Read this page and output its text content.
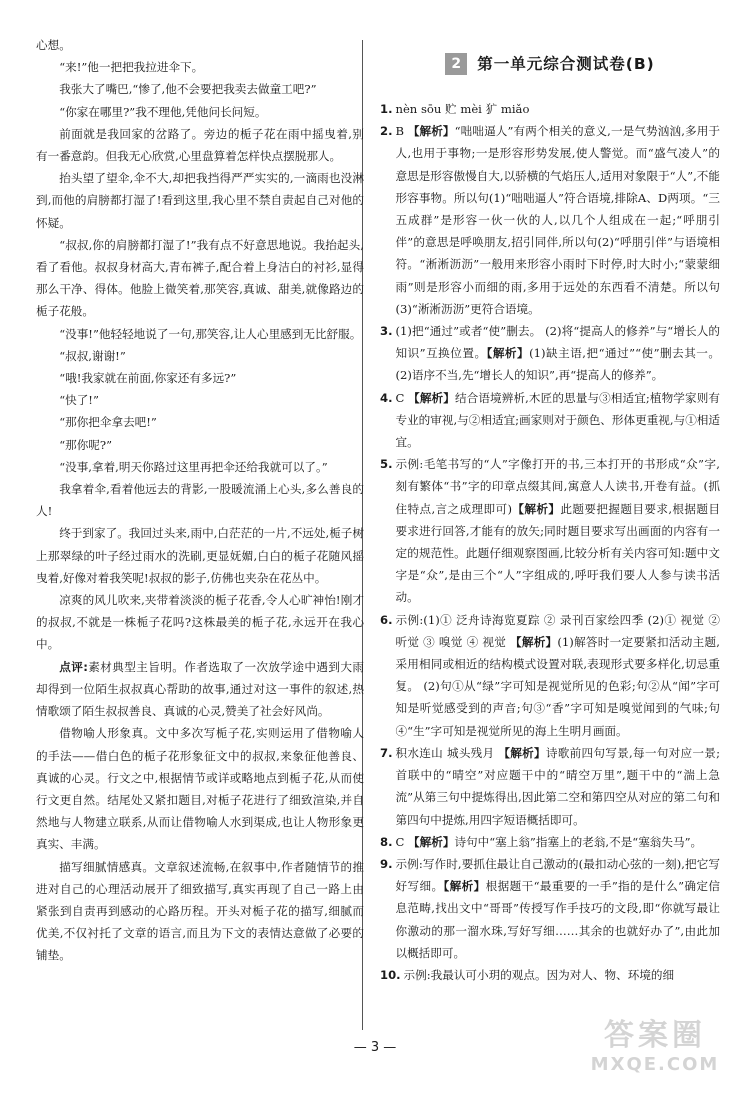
心想。

“来!”他一把把我拉进伞下。

我张大了嘴巴,“惨了,他不会要把我卖去做童工吧?”

“你家在哪里?”我不理他,凭他问长问短。

前面就是我回家的岔路了。旁边的栀子花在雨中摇曳着,别有一番意韵。但我无心欣赏,心里盘算着怎样快点摆脱那人。

抬头望了望伞,伞不大,却把我挡得严严实实的,一滴雨也没淋到,而他的肩膀都打湿了!看到这里,我心里不禁自责起自己对他的怀疑。

“叔叔,你的肩膀都打湿了!”我有点不好意思地说。我抬起头,看了看他。叔叔身材高大,青布裤子,配合着上身洁白的衬衫,显得那么干净、得体。他脸上微笑着,那笑容,真诚、甜美,就像路边的栀子花般。

“没事!”他轻轻地说了一句,那笑容,让人心里感到无比舒服。

“叔叔,谢谢!”

“哦!我家就在前面,你家还有多远?”

“快了!”

“那你把伞拿去吧!”

“那你呢?”

“没事,拿着,明天你路过这里再把伞还给我就可以了。”

我拿着伞,看着他远去的背影,一股暖流涌上心头,多么善良的人!

终于到家了。我回过头来,雨中,白茫茫的一片,不远处,栀子树上那翠绿的叶子经过雨水的洗刷,更显妩媚,白白的栀子花随风摇曳着,好像对着我笑呢!叔叔的影子,仿佛也夹杂在花丛中。

凉爽的风儿吹来,夹带着淡淡的栀子花香,令人心旷神怡!刚才的叔叔,不就是一株栀子花吗?这株最美的栀子花,永远开在我心中。

点评:素材典型主旨明。作者选取了一次放学途中遇到大雨却得到一位陌生叔叔真心帮助的故事,通过对这一事件的叙述,热情歌颂了陌生叔叔善良、真诚的心灵,赞美了社会好风尚。

借物喻人形象真。文中多次写栀子花,实则运用了借物喻人的手法——借白色的栀子花形象征文中的叔叔,来象征他善良、真诚的心灵。行文之中,根据情节或详或略地点到栀子花,从而使行文更自然。结尾处又紧扣题目,对栀子花进行了细致渲染,并自然地与人物建立联系,从而让借物喻人水到渠成,也让人物形象更真实、丰满。

描写细腻情感真。文章叙述流畅,在叙事中,作者随情节的推进对自己的心理活动展开了细致描写,真实再现了自己一路上由紧张到自责再到感动的心路历程。开头对栀子花的描写,细腻而优美,不仅衬托了文章的语言,而且为下文的表情达意做了必要的铺垫。

2	第一单元综合测试卷(B)
1. nèn sōu 贮 mèi 犷 miǎo
2. B 【解析】“咄咄逼人”有两个相关的意义,一是气势汹汹,多用于人,也用于事物;一是形容形势发展,使人警觉。而“盛气凌人”的意思是形容傲慢自大,以骄横的气焰压人,适用对象限于“人”,不能形容事物。所以句(1)“咄咄逼人”符合语境,排除A、D两项。“三五成群”是形容一伙一伙的人,以几个人组成在一起;“呼朋引伴”的意思是呼唤朋友,招引同伴,所以句(2)“呼朋引伴”与语境相符。“淅淅沥沥”一般用来形容小雨时下时停,时大时小;“蒙蒙细雨”则是形容小而细的雨,多用于远处的东西看不清楚。所以句(3)“淅淅沥沥”更符合语境。
3. (1)把“通过”或者“使”删去。 (2)将“提高人的修养”与“增长人的知识”互换位置。【解析】(1)缺主语,把“通过”“使”删去其一。 (2)语序不当,先“增长人的知识”,再“提高人的修养”。
4. C 【解析】结合语境辨析,木匠的思量与③相适宜;植物学家则有专业的审视,与②相适宜;画家则对于颜色、形体更重视,与①相适宜。
5. 示例:毛笔书写的“人”字像打开的书,三本打开的书形成“众”字,刻有繁体“书”字的印章点缀其间,寓意人人读书,开卷有益。(抓住特点,言之成理即可)【解析】此题要把握题目要求,根据题目要求进行回答,才能有的放矢;同时题目要求写出画面的内容有一定的规范性。此题仔细观察图画,比较分析有关内容可知:题中文字是“众”,是由三个“人”字组成的,呼吁我们要人人参与读书活动。
6. 示例:(1)① 泛舟诗海览夏踪 ② 录刊百家绘四季 (2)① 视觉 ② 听觉 ③ 嗅觉 ④ 视觉 【解析】(1)解答时一定要紧扣活动主题,采用相同或相近的结构模式设置对联,表现形式要多样化,切忌重复。 (2)句①从“绿”字可知是视觉所见的色彩;句②从“闻”字可知是听觉感受到的声音;句③“香”字可知是嗅觉闻到的气味;句④“生”字可知是视觉所见的海上生明月画面。
7. 积水连山 城头残月 【解析】诗歌前四句写景,每一句对应一景;首联中的“晴空”对应题干中的“晴空万里”,题干中的“湍上急流”从第三句中提炼得出,因此第二空和第四空从对应的第二句和第四句中提炼,用四字短语概括即可。
8. C 【解析】诗句中“塞上翁”指塞上的老翁,不是“塞翁失马”。
9. 示例:写作时,要抓住最让自己激动的(最扣动心弦的一刻),把它写好写细。【解析】根据题干“最重要的一手”指的是什么”确定信息范畴,找出文中“哥哥”传授写作手技巧的文段,即“你就写最让你激动的那一溜水珠,写好写细……其余的也就好办了”,由此加以概括即可。
10. 示例:我最认可小玥的观点。因为对人、物、环境的细
— 3 —	答案圈
MXQE.COM
